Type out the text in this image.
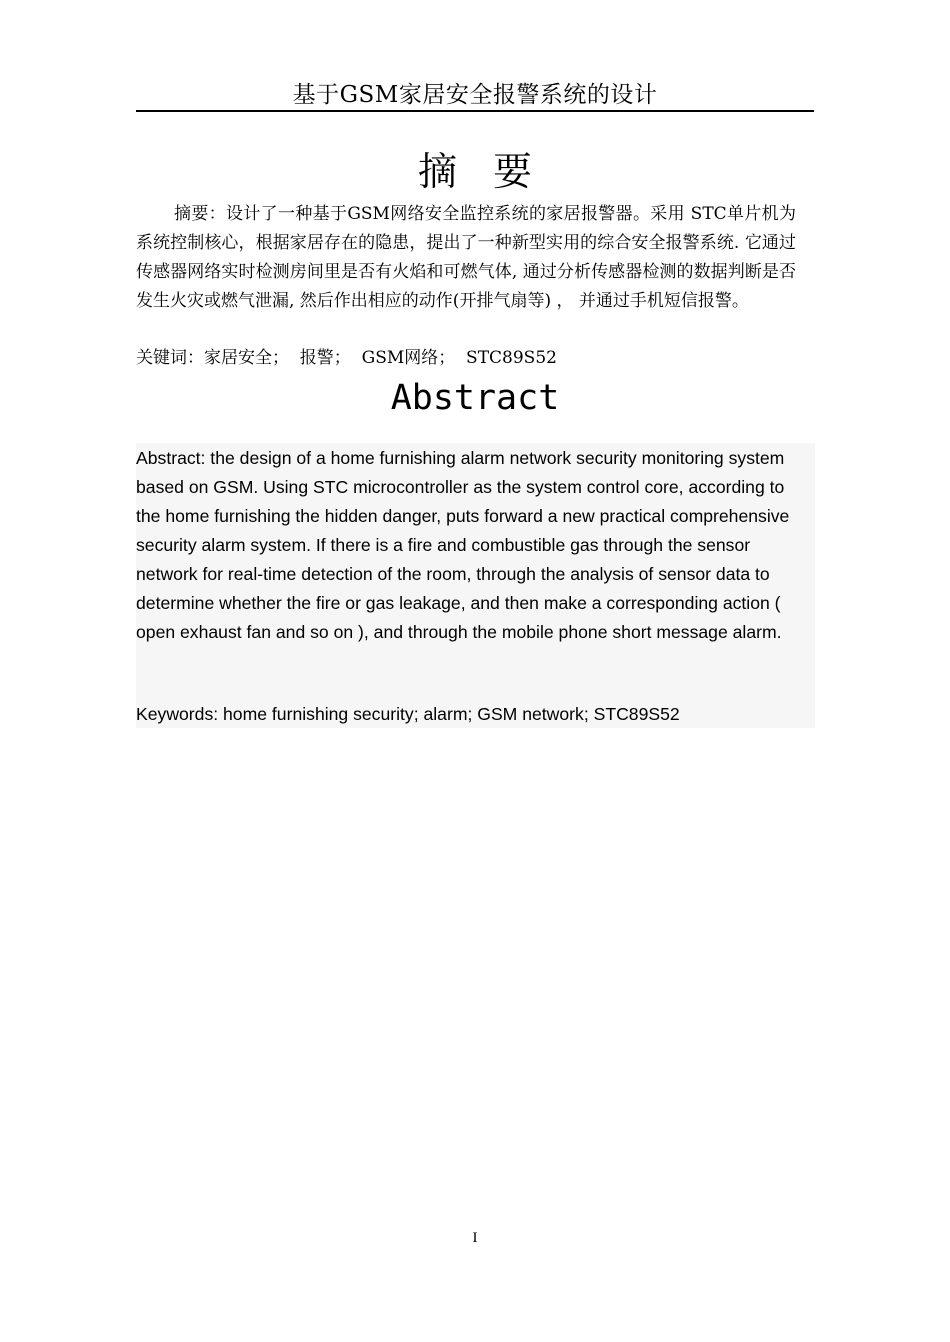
基于GSM家居安全报警系统的设计
摘要

摘要：设计了一种基于GSM网络安全监控系统的家居报警器。采用 STC单片机为系统控制核心，根据家居存在的隐患，提出了一种新型实用的综合安全报警系统. 它通过传感器网络实时检测房间里是否有火焰和可燃气体, 通过分析传感器检测的数据判断是否发生火灾或燃气泄漏, 然后作出相应的动作(开排气扇等) ， 并通过手机短信报警。

关键词：家居安全；  报警；  GSM网络；  STC89S52
Abstract

Abstract: the design of a home furnishing alarm network security monitoring system based on GSM. Using STC microcontroller as the system control core, according to the home furnishing the hidden danger, puts forward a new practical comprehensive security alarm system. If there is a fire and combustible gas through the sensor network for real-time detection of the room, through the analysis of sensor data to determine whether the fire or gas leakage, and then make a corresponding action ( open exhaust fan and so on ), and through the mobile phone short message alarm.

Keywords: home furnishing security; alarm; GSM network; STC89S52
I
